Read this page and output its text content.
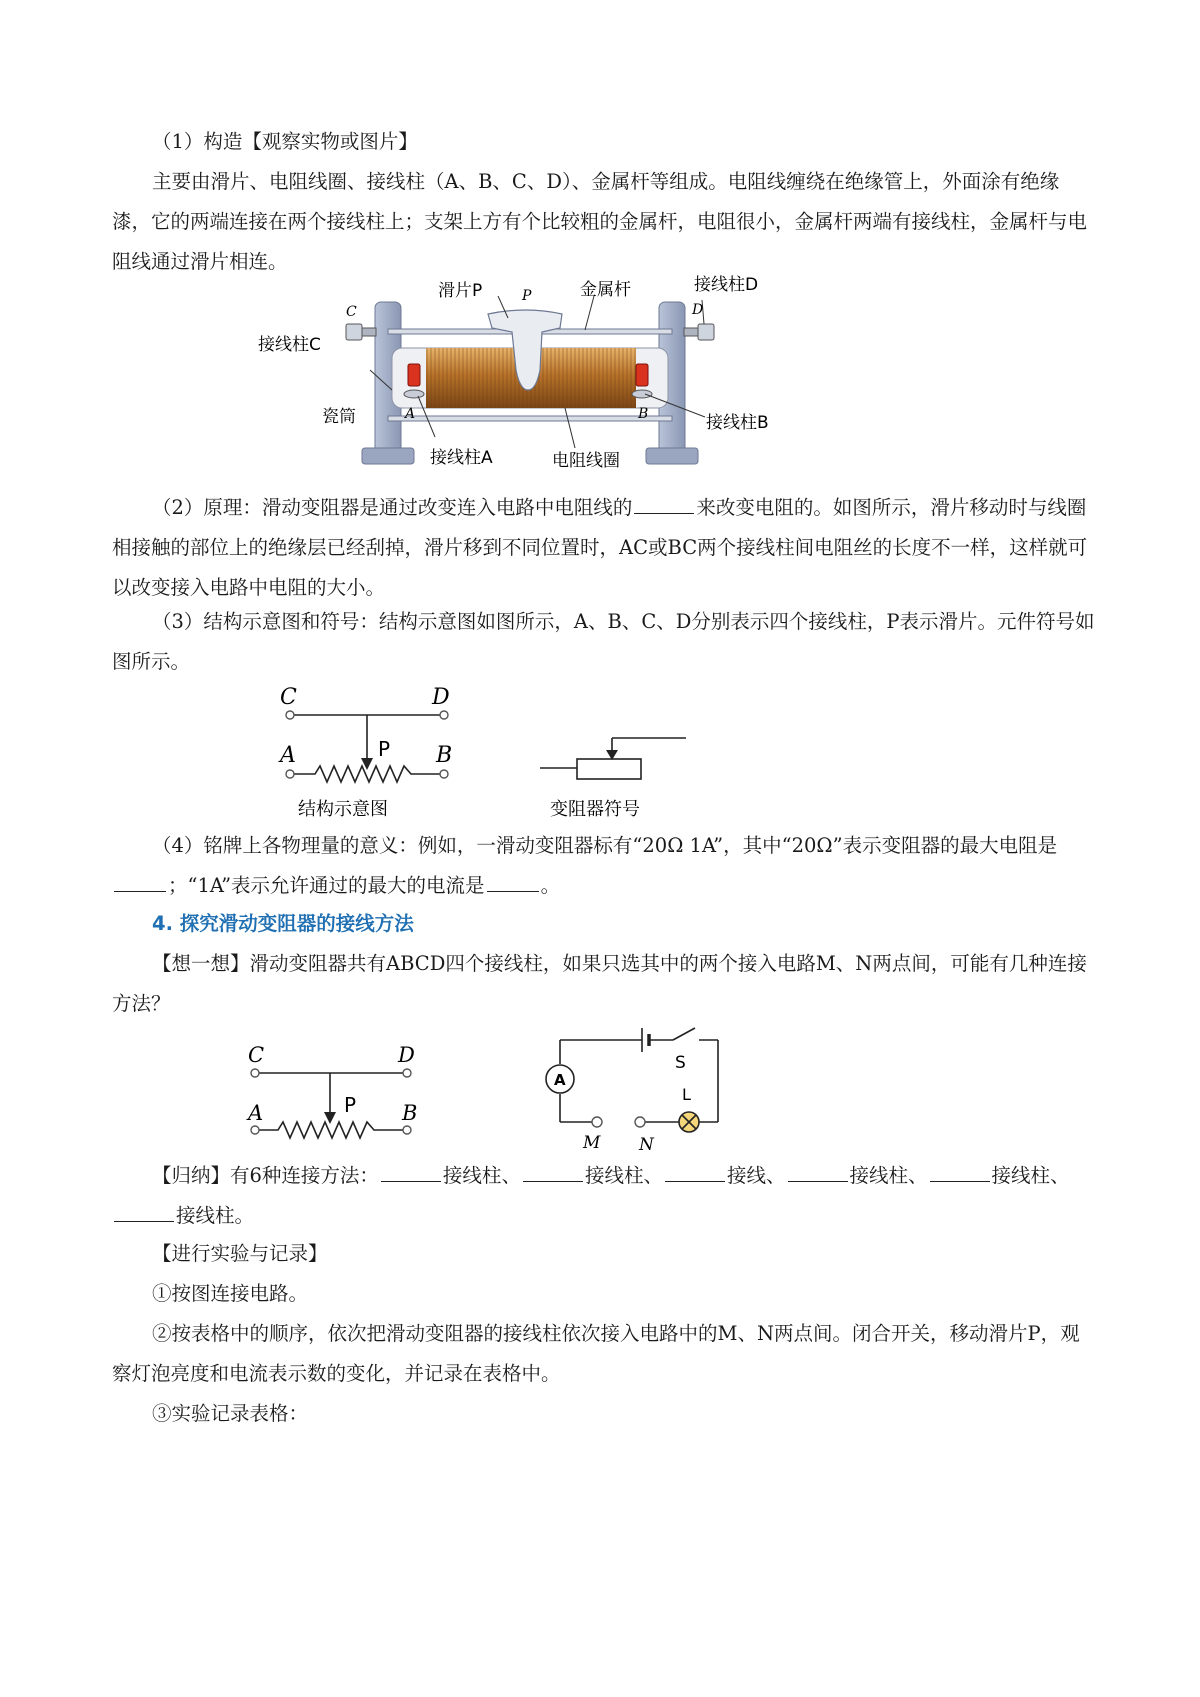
（1）构造【观察实物或图片】

主要由滑片、电阻线圈、接线柱（A、B、C、D）、金属杆等组成。电阻线缠绕在绝缘管上，外面涂有绝缘漆，它的两端连接在两个接线柱上；支架上方有个比较粗的金属杆，电阻很小，金属杆两端有接线柱，金属杆与电阻线通过滑片相连。

滑片P	P	金属杆	接线柱D
D
C
接线柱C
瓷筒	A	B	接线柱B
接线柱A	电阻线圈

（2）原理：滑动变阻器是通过改变连入电路中电阻线的	来改变电阻的。如图所示，滑片移动时与线圈相接触的部位上的绝缘层已经刮掉，滑片移到不同位置时，AC或BC两个接线柱间电阻丝的长度不一样，这样就可以改变接入电路中电阻的大小。

（3）结构示意图和符号：结构示意图如图所示，A、B、C、D分别表示四个接线柱，P表示滑片。元件符号如图所示。

C	D
A	B
P
结构示意图	变阻器符号

（4）铭牌上各物理量的意义：例如，一滑动变阻器标有“20Ω 1A”，其中“20Ω”表示变阻器的最大电阻是；“1A”表示允许通过的最大的电流是	。

4. 探究滑动变阻器的接线方法

【想一想】滑动变阻器共有ABCD四个接线柱，如果只选其中的两个接入电路M、N两点间，可能有几种连接方法？

C	D
A	B
P
A
S
L
M N

【归纳】有6种连接方法：	接线柱、	接线柱、	接线、	接线柱、	接线柱、接线柱。

【进行实验与记录】

①按图连接电路。

②按表格中的顺序，依次把滑动变阻器的接线柱依次接入电路中的M、N两点间。闭合开关，移动滑片P，观察灯泡亮度和电流表示数的变化，并记录在表格中。

③实验记录表格：
